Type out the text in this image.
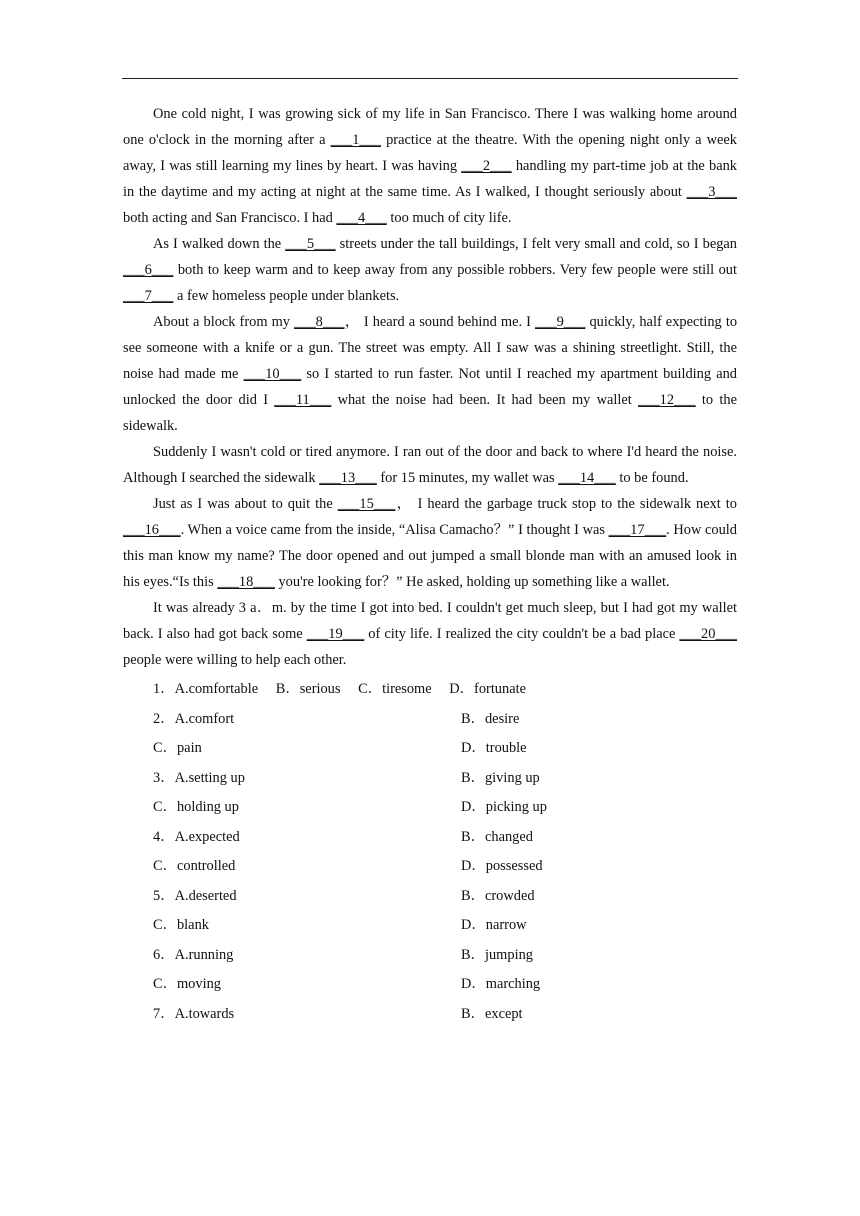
One cold night, I was growing sick of my life in San Francisco. There I was walking home around one o'clock in the morning after a ___1___ practice at the theatre. With the opening night only a week away, I was still learning my lines by heart. I was having ___2___ handling my part-time job at the bank in the daytime and my acting at night at the same time. As I walked, I thought seriously about ___3___ both acting and San Francisco. I had ___4___ too much of city life.

As I walked down the ___5___ streets under the tall buildings, I felt very small and cold, so I began ___6___ both to keep warm and to keep away from any possible robbers. Very few people were still out ___7___ a few homeless people under blankets.

About a block from my ___8___， I heard a sound behind me. I ___9___ quickly, half expecting to see someone with a knife or a gun. The street was empty. All I saw was a shining streetlight. Still, the noise had made me ___10___ so I started to run faster. Not until I reached my apartment building and unlocked the door did I ___11___ what the noise had been. It had been my wallet ___12___ to the sidewalk.

Suddenly I wasn't cold or tired anymore. I ran out of the door and back to where I'd heard the noise. Although I searched the sidewalk ___13___ for 15 minutes, my wallet was ___14___ to be found.

Just as I was about to quit the ___15___， I heard the garbage truck stop to the sidewalk next to ___16___. When a voice came from the inside, “Alisa Camacho？” I thought I was ___17___. How could this man know my name? The door opened and out jumped a small blonde man with an amused look in his eyes.“Is this ___18___ you're looking for？” He asked, holding up something like a wallet.

It was already 3 a．m. by the time I got into bed. I couldn't get much sleep, but I had got my wallet back. I also had got back some ___19___ of city life. I realized the city couldn't be a bad place ___20___ people were willing to help each other.

1．A.comfortable B．serious C．tiresome D．fortunate
2．A.comfort	B．desire
C．pain	D．trouble
3．A.setting up	B．giving up
C．holding up	D．picking up
4．A.expected	B．changed
C．controlled	D．possessed
5．A.deserted	B．crowded
C．blank	D．narrow
6．A.running	B．jumping
C．moving	D．marching
7．A.towards	B．except
